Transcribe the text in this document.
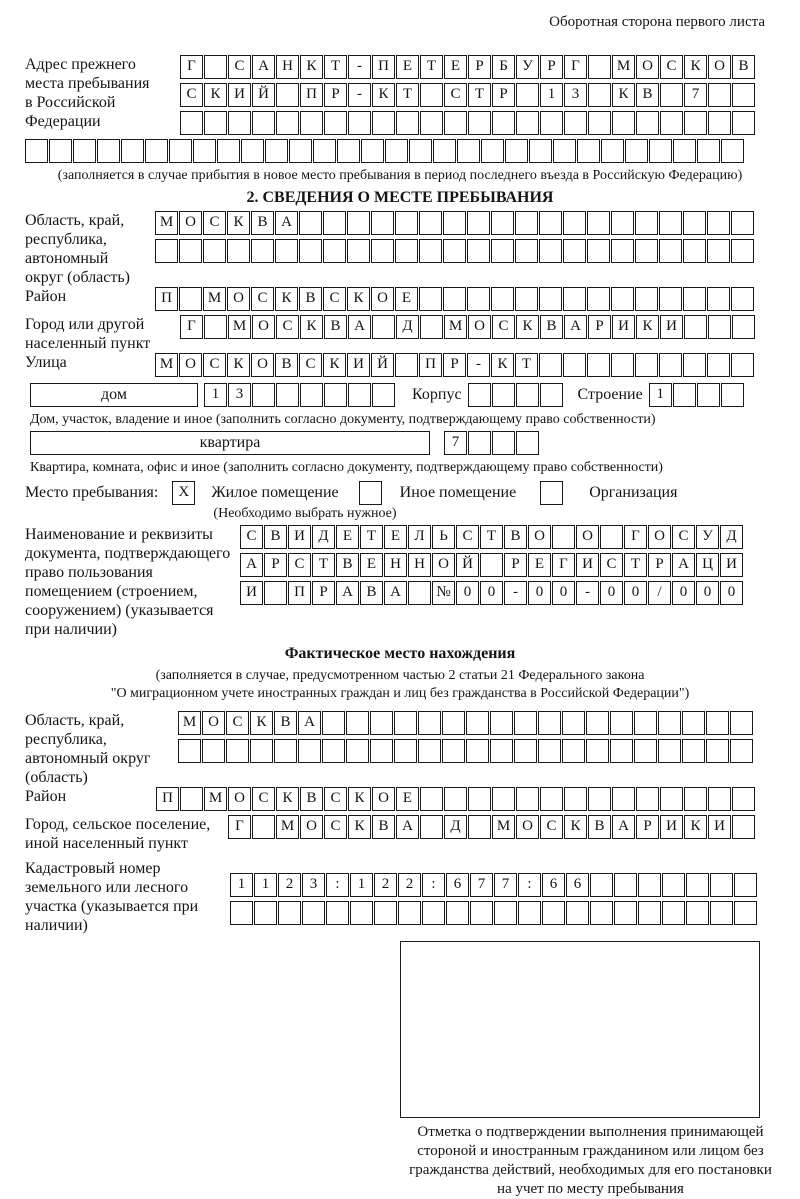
Оборотная сторона первого листа
Адрес прежнего места пребывания в Российской Федерации
Г	С А Н К Т - П Е Т Е Р Б У Р Г М О С К О В
С К И Й П Р - К Т	С Т Р	1 3	К В	7
(заполняется в случае прибытия в новое место пребывания в период последнего въезда в Российскую Федерацию)
2. СВЕДЕНИЯ О МЕСТЕ ПРЕБЫВАНИЯ
Область, край, республика, автономный округ (область)
М О С К В А
Район	П М О С К В С К О Е
Город или другой населенный пункт
Г М О С К В А Д М О С К В А Р И К И
Улица	М О С К О В С К И Й П Р - К Т
дом	1 3	Корпус	Строение 1
Дом, участок, владение и иное (заполнить согласно документу, подтверждающему право собственности)
квартира	7
Квартира, комната, офис и иное (заполнить согласно документу, подтверждающему право собственности)
Место пребывания:	X	Жилое помещение	Иное помещение	Организация
(Необходимо выбрать нужное)
Наименование и реквизиты документа, подтверждающего право пользования помещением (строением, сооружением) (указывается при наличии)
С В И Д Е Т Е Л Ь С Т В О О	Г О С У Д
А Р С Т В Е Н Н О Й	Р Е Г И С Т Р А Ц И
И П Р А В А № 0 0 - 0 0 - 0 0 / 0 0 0
Фактическое место нахождения
(заполняется в случае, предусмотренном частью 2 статьи 21 Федерального закона
"О миграционном учете иностранных граждан и лиц без гражданства в Российской Федерации")
Область, край, республика, автономный округ (область)
М О С К В А
Район	П М О С К В С К О Е
Город, сельское поселение, иной населенный пункт
Г М О С К В А Д М О С К В А Р И К И
Кадастровый номер земельного или лесного участка (указывается при наличии)
1 1 2 3 : 1 2 2 : 6 7 7 : 6 6
Отметка о подтверждении выполнения принимающей
стороной и иностранным гражданином или лицом без
гражданства действий, необходимых для его постановки
на учет по месту пребывания
